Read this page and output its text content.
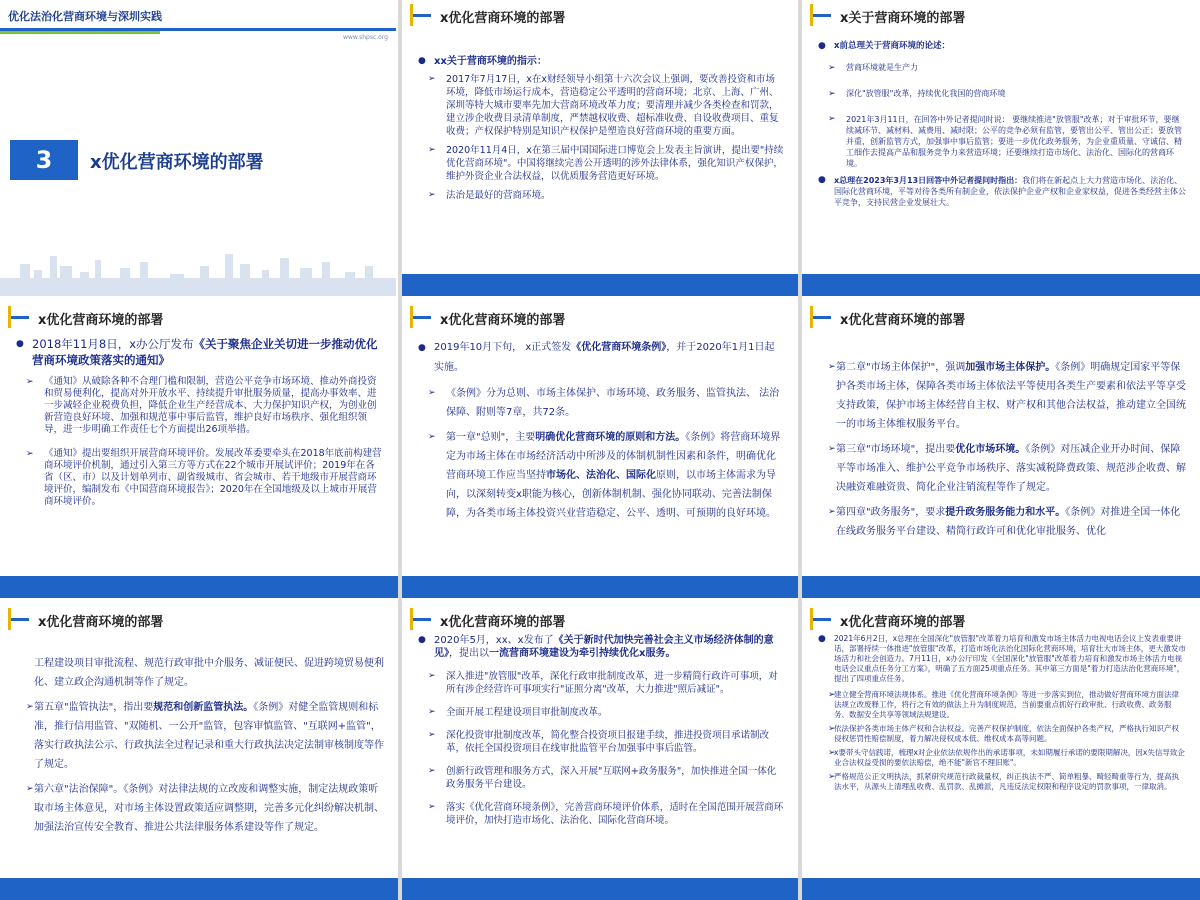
优化法治化营商环境与深圳实践
www.shpsc.org
3	x优化营商环境的部署
x优化营商环境的部署
● xx关于营商环境的指示：
➢ 2017年7月17日，x在x财经领导小组第十六次会议上强调，要改善投资和市场环境，降低市场运行成本，营造稳定公平透明的营商环境；北京、上海、广州、深圳等特大城市要率先加大营商环境改革力度；要清理并减少各类检查和罚款，建立涉企收费目录清单制度，严禁越权收费、超标准收费、自设收费项目、重复收费；产权保护特别是知识产权保护是塑造良好营商环境的重要方面。
➢ 2020年11月4日，x在第三届中国国际进口博览会上发表主旨演讲，提出要"持续优化营商环境"。中国将继续完善公开透明的涉外法律体系，强化知识产权保护，维护外资企业合法权益，以优质服务营造更好环境。
➢ 法治是最好的营商环境。
x关于营商环境的部署
● x前总理关于营商环境的论述：
➢ 营商环境就是生产力
➢ 深化"放管服"改革，持续优化我国的营商环境
➢ 2021年3月11日，在回答中外记者提问时说： 要继续推进"放管服"改革；对于审批环节，要继续减环节、减材料、减费用、减时限；公平的竞争必须有监管，要管出公平、管出公正；要放管并重，创新监管方式，加强事中事后监管；要进一步优化政务服务，为企业重质量、守诚信、精工细作去提高产品和服务竞争力来营造环境；还要继续打造市场化、法治化、国际化的营商环境。
● x总理在2023年3月13日回答中外记者提问时指出：我们将在新起点上大力营造市场化、法治化、国际化营商环境，平等对待各类所有制企业，依法保护企业产权和企业家权益，促进各类经营主体公平竞争，支持民营企业发展壮大。
x优化营商环境的部署
● 2018年11月8日，x办公厅发布《关于聚焦企业关切进一步推动优化营商环境政策落实的通知》
➢ 《通知》从破除各种不合理门槛和限制，营造公平竞争市场环境、推动外商投资和贸易便利化，提高对外开放水平、持续提升审批服务质量，提高办事效率、进一步减轻企业税费负担，降低企业生产经营成本、大力保护知识产权，为创业创新营造良好环境、加强和规范事中事后监管，维护良好市场秩序、强化组织领导，进一步明确工作责任七个方面提出26项举措。
➢ 《通知》提出要组织开展营商环境评价。发展改革委要牵头在2018年底前构建营商环境评价机制，通过引入第三方等方式在22个城市开展试评价；2019年在各省（区、市）以及计划单列市、副省级城市、省会城市、若干地级市开展营商环境评价，编制发布《中国营商环境报告》；2020年在全国地级及以上城市开展营商环境评价。
x优化营商环境的部署
● 2019年10月下旬， x正式签发《优化营商环境条例》，并于2020年1月1日起实施。
➢ 《条例》分为总则、市场主体保护、市场环境、政务服务、监管执法、 法治保障、附则等7章，共72条。
➢ 第一章"总则"，主要明确优化营商环境的原则和方法。《条例》将营商环境界定为市场主体在市场经济活动中所涉及的体制机制性因素和条件，明确优化营商环境工作应当坚持市场化、法治化、国际化原则，以市场主体需求为导向，以深刻转变x职能为核心，创新体制机制、强化协同联动、完善法制保障，为各类市场主体投资兴业营造稳定、公平、透明、可预期的良好环境。
x优化营商环境的部署
➢ 第二章"市场主体保护"，强调加强市场主体保护。《条例》明确规定国家平等保护各类市场主体，保障各类市场主体依法平等使用各类生产要素和依法平等享受支持政策，保护市场主体经营自主权、财产权和其他合法权益，推动建立全国统一的市场主体维权服务平台。
➢ 第三章"市场环境"，提出要优化市场环境。《条例》对压减企业开办时间、保障平等市场准入、维护公平竞争市场秩序、落实减税降费政策、规范涉企收费、解决融资难融资贵、简化企业注销流程等作了规定。
➢ 第四章"政务服务"，要求提升政务服务能力和水平。《条例》对推进全国一体化在线政务服务平台建设、精简行政许可和优化审批服务、优化
x优化营商环境的部署
工程建设项目审批流程、规范行政审批中介服务、减证便民、促进跨境贸易便利化、建立政企沟通机制等作了规定。
➢ 第五章"监管执法"，指出要规范和创新监管执法。《条例》对健全监管规则和标准，推行信用监管、"双随机、一公开"监管，包容审慎监管、"互联网+监管"，落实行政执法公示、行政执法全过程记录和重大行政执法决定法制审核制度等作了规定。
➢ 第六章"法治保障"。《条例》对法律法规的立改废和调整实施，制定法规政策听取市场主体意见，对市场主体设置政策适应调整期，完善多元化纠纷解决机制、加强法治宣传安全教育、推进公共法律服务体系建设等作了规定。
x优化营商环境的部署
● 2020年5月，xx、x发布了《关于新时代加快完善社会主义市场经济体制的意见》，提出以一流营商环境建设为牵引持续优化x服务。
➢ 深入推进"放管服"改革，深化行政审批制度改革，进一步精简行政许可事项，对所有涉企经营许可事项实行"证照分离"改革，大力推进"照后减证"。
➢ 全面开展工程建设项目审批制度改革。
➢ 深化投资审批制度改革，简化整合投资项目报建手续，推进投资项目承诺制改革，依托全国投资项目在线审批监管平台加强事中事后监管。
➢ 创新行政管理和服务方式，深入开展"互联网+政务服务"，加快推进全国一体化政务服务平台建设。
➢ 落实《优化营商环境条例》，完善营商环境评价体系，适时在全国范围开展营商环境评价，加快打造市场化、法治化、国际化营商环境。
x优化营商环境的部署
● 2021年6月2日，x总理在全国深化"放管服"改革着力培育和激发市场主体活力电视电话会议上发表重要讲话，部署持续一体推进"放管服"改革，打造市场化法治化国际化营商环境，培育壮大市场主体，更大激发市场活力和社会创造力。7月11日，x办公厅印发《全国深化"放管服"改革着力培育和激发市场主体活力电视电话会议重点任务分工方案》，明确了五方面25项重点任务。其中第三方面是"着力打造法治化营商环境"，提出了四项重点任务。
➢ 建立健全营商环境法规体系。推进《优化营商环境条例》等进一步落实到位，推动做好营商环境方面法律法规立改废释工作，将行之有效的做法上升为制度规范，当前要重点抓好行政审批、行政收费、政务服务、数据安全共享等领域法规建设。
➢ 依法保护各类市场主体产权和合法权益。完善产权保护制度，依法全面保护各类产权，严格执行知识产权侵权惩罚性赔偿制度，着力解决侵权成本低、维权成本高等问题。
➢ x要带头守信践诺，梳理x对企业依法依规作出的承诺事项，未如期履行承诺的要限期解决，因x失信导致企业合法权益受损的要依法赔偿，绝不能"新官不理旧账"。
➢ 严格规范公正文明执法，抓紧研究规范行政裁量权，纠正执法不严、简单粗暴、畸轻畸重等行为，提高执法水平，从源头上清理乱收费、乱罚款、乱摊派，凡违反法定权限和程序设定的罚款事项，一律取消。
